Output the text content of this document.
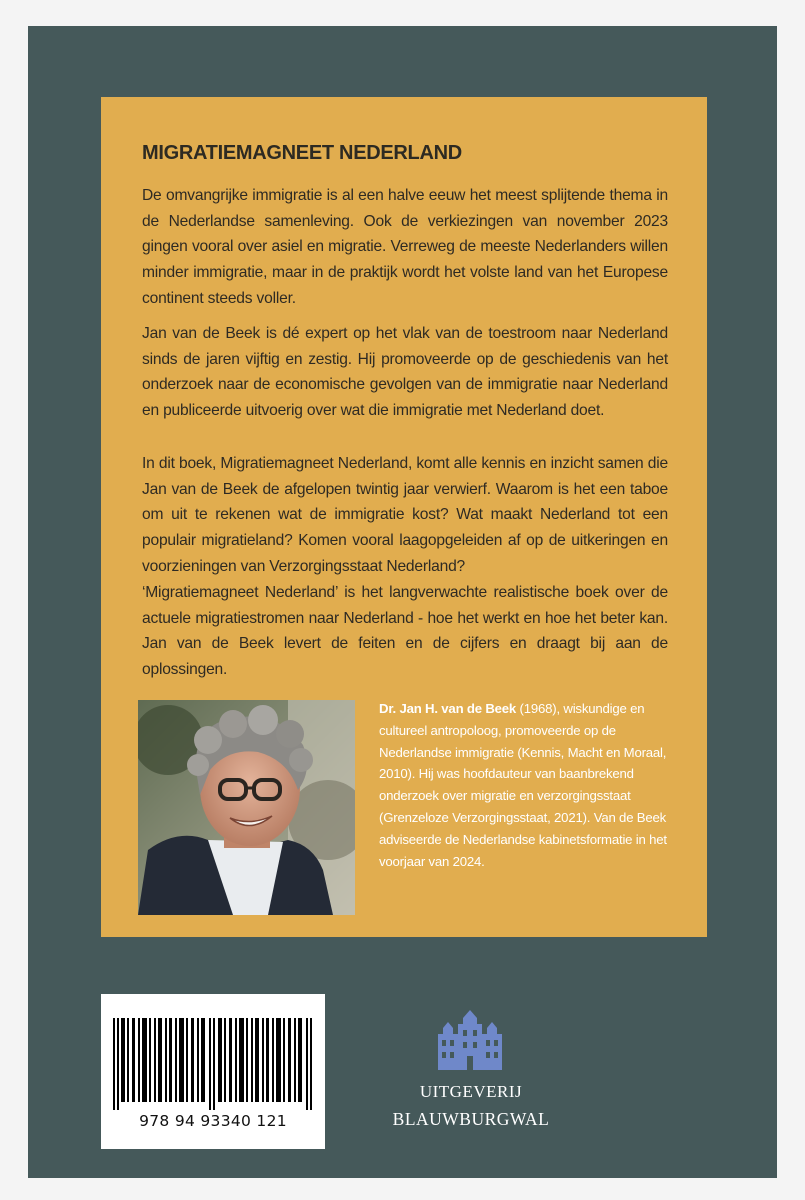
MIGRATIEMAGNEET NEDERLAND

De omvangrijke immigratie is al een halve eeuw het meest splijtende thema in de Nederlandse samenleving. Ook de verkiezingen van november 2023 gingen vooral over asiel en migratie. Verreweg de meeste Nederlanders willen minder immigratie, maar in de praktijk wordt het volste land van het Europese continent steeds voller.

Jan van de Beek is dé expert op het vlak van de toestroom naar Nederland sinds de jaren vijftig en zestig. Hij promoveerde op de geschiedenis van het onderzoek naar de economische gevolgen van de immigratie naar Nederland en publiceerde uitvoerig over wat die immigratie met Nederland doet.

In dit boek, Migratiemagneet Nederland, komt alle kennis en inzicht samen die Jan van de Beek de afgelopen twintig jaar verwierf. Waarom is het een taboe om uit te rekenen wat de immigratie kost? Wat maakt Nederland tot een populair migratieland? Komen vooral laagopgeleiden af op de uitkeringen en voorzieningen van Verzorgingsstaat Nederland?

‘Migratiemagneet Nederland’ is het langverwachte realistische boek over de actuele migratiestromen naar Nederland - hoe het werkt en hoe het beter kan. Jan van de Beek levert de feiten en de cijfers en draagt bij aan de oplossingen.

Dr. Jan H. van de Beek (1968), wiskundige en cultureel antropoloog, promoveerde op de Nederlandse immigratie (Kennis, Macht en Moraal, 2010). Hij was hoofdauteur van baanbrekend onderzoek over migratie en verzorgingsstaat (Grenzeloze Verzorgingsstaat, 2021). Van de Beek adviseerde de Nederlandse kabinetsformatie in het voorjaar van 2024.

978 94 93340 121

UITGEVERIJ

BLAUWBURGWAL
